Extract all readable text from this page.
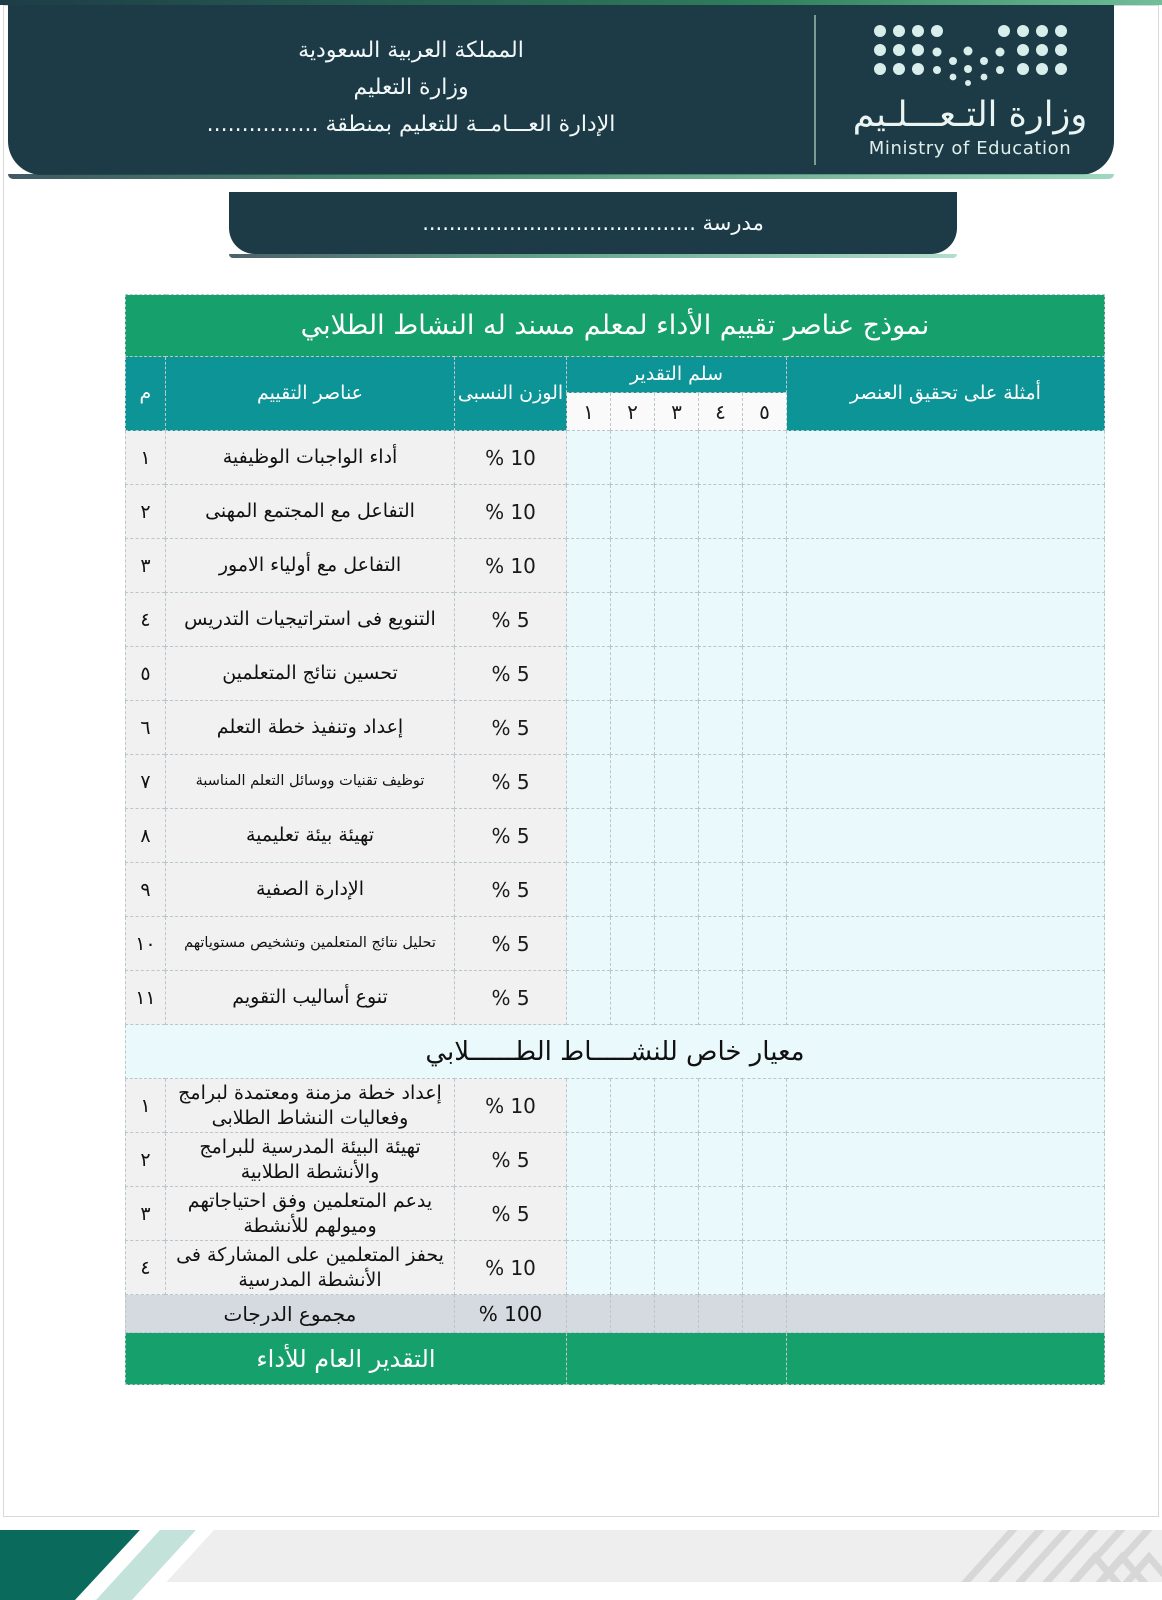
وزارة التـعـــلـيم
Ministry of Education
المملكة العربية السعودية
وزارة التعليم
الإدارة العـــامــة للتعليم بمنطقة ................
مدرسة .........................................
نموذج عناصر تقييم الأداء لمعلم مسند له النشاط الطلابي								
أمثلة على تحقيق العنصر	سلم التقدير					الوزن النسبى	عناصر التقييم	م
	٥	٤	٣	٢	١			
						10 %	أداء الواجبات الوظيفية	١
						10 %	التفاعل مع المجتمع المهنى	٢
						10 %	التفاعل مع أولياء الامور	٣
						5 %	التنويع فى استراتيجيات التدريس	٤
						5 %	تحسين نتائج المتعلمين	٥
						5 %	إعداد وتنفيذ خطة التعلم	٦
						5 %	توظيف تقنيات ووسائل التعلم المناسبة	٧
						5 %	تهيئة بيئة تعليمية	٨
						5 %	الإدارة الصفية	٩
						5 %	تحليل نتائج المتعلمين وتشخيص مستوياتهم	١٠
						5 %	تنوع أساليب التقويم	١١
معيار خاص للنشـــــاط الطــــــلابي								
						10 %	إعداد خطة مزمنة ومعتمدة لبرامج وفعاليات النشاط الطلابى	١
						5 %	تهيئة البيئة المدرسية للبرامج والأنشطة الطلابية	٢
						5 %	يدعم المتعلمين وفق احتياجاتهم وميولهم للأنشطة	٣
						10 %	يحفز المتعلمين على المشاركة فى الأنشطة المدرسية	٤
						100 %	مجموع الدرجات	
						التقدير العام للأداء		
